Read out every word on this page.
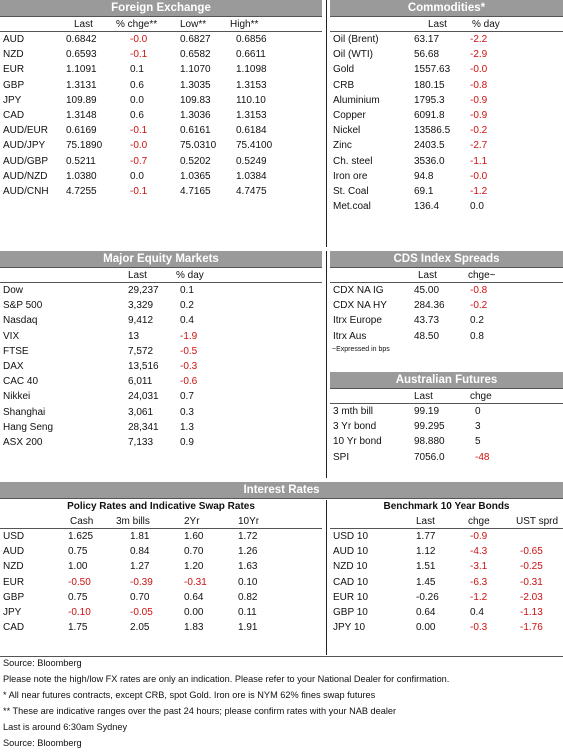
Foreign Exchange
Last % chge** Low** High**
AUD	0.6842	-0.0	0.6827	0.6856
NZD	0.6593	-0.1	0.6582	0.6611
EUR	1.1091	0.1	1.1070	1.1098
GBP	1.3131	0.6	1.3035	1.3153
JPY	109.89	0.0	109.83	110.10
CAD	1.3148	0.6	1.3036	1.3153
AUD/EUR 0.6169	-0.1	0.6161	0.6184
AUD/JPY 75.1890	-0.0	75.0310 75.4100
AUD/GBP 0.5211	-0.7	0.5202	0.5249
AUD/NZD 1.0380	0.0	1.0365	1.0384
AUD/CNH 4.7255	-0.1	4.7165	4.7475
Commodities*
Last	% day
Oil (Brent)	63.17	-2.2
Oil (WTI)	56.68	-2.9
Gold	1557.63 -0.0
CRB	180.15	-0.8
Aluminium	1795.3	-0.9
Copper	6091.8	-0.9
Nickel	13586.5 -0.2
Zinc	2403.5	-2.7
Ch. steel	3536.0	-1.1
Iron ore	94.8	-0.0
St. Coal	69.1	-1.2
Met.coal	136.4	0.0
Major Equity Markets
Last	% day
Dow	29,237 0.1
S&P 500	3,329	0.2
Nasdaq	9,412	0.4
VIX	13	-1.9
FTSE	7,572	-0.5
DAX	13,516 -0.3
CAC 40	6,011	-0.6
Nikkei	24,031 0.7
Shanghai	3,061	0.3
Hang Seng	28,341 1.3
ASX 200	7,133	0.9
CDS Index Spreads
Last	chge~
CDX NA IG	45.00	-0.8
CDX NA HY	284.36	-0.2
Itrx Europe	43.73	0.2
Itrx Aus	48.50	0.8
~Expressed in bps
Australian Futures
Last	chge
3 mth bill	99.19	0
3 Yr bond	99.295	3
10 Yr bond	98.880	5
SPI	7056.0	-48
Interest Rates
Policy Rates and Indicative Swap Rates
Cash 3m bills	2Yr	10Yr
USD	1.625	1.81	1.60	1.72
AUD	0.75	0.84	0.70	1.26
NZD	1.00	1.27	1.20	1.63
EUR	-0.50	-0.39	-0.31	0.10
GBP	0.75	0.70	0.64	0.82
JPY	-0.10	-0.05	0.00	0.11
CAD	1.75	2.05	1.83	1.91
Benchmark 10 Year Bonds
Last	chge	UST sprd
USD 10	1.77	-0.9
AUD 10	1.12	-4.3	-0.65
NZD 10	1.51	-3.1	-0.25
CAD 10	1.45	-6.3	-0.31
EUR 10	-0.26	-1.2	-2.03
GBP 10	0.64	0.4	-1.13
JPY 10	0.00	-0.3	-1.76
Source: Bloomberg
Please note the high/low FX rates are only an indication. Please refer to your National Dealer for confirmation.
* All near futures contracts, except CRB, spot Gold. Iron ore is NYM 62% fines swap futures
** These are indicative ranges over the past 24 hours; please confirm rates with your NAB dealer
Last is around 6:30am Sydney
Source: Bloomberg
